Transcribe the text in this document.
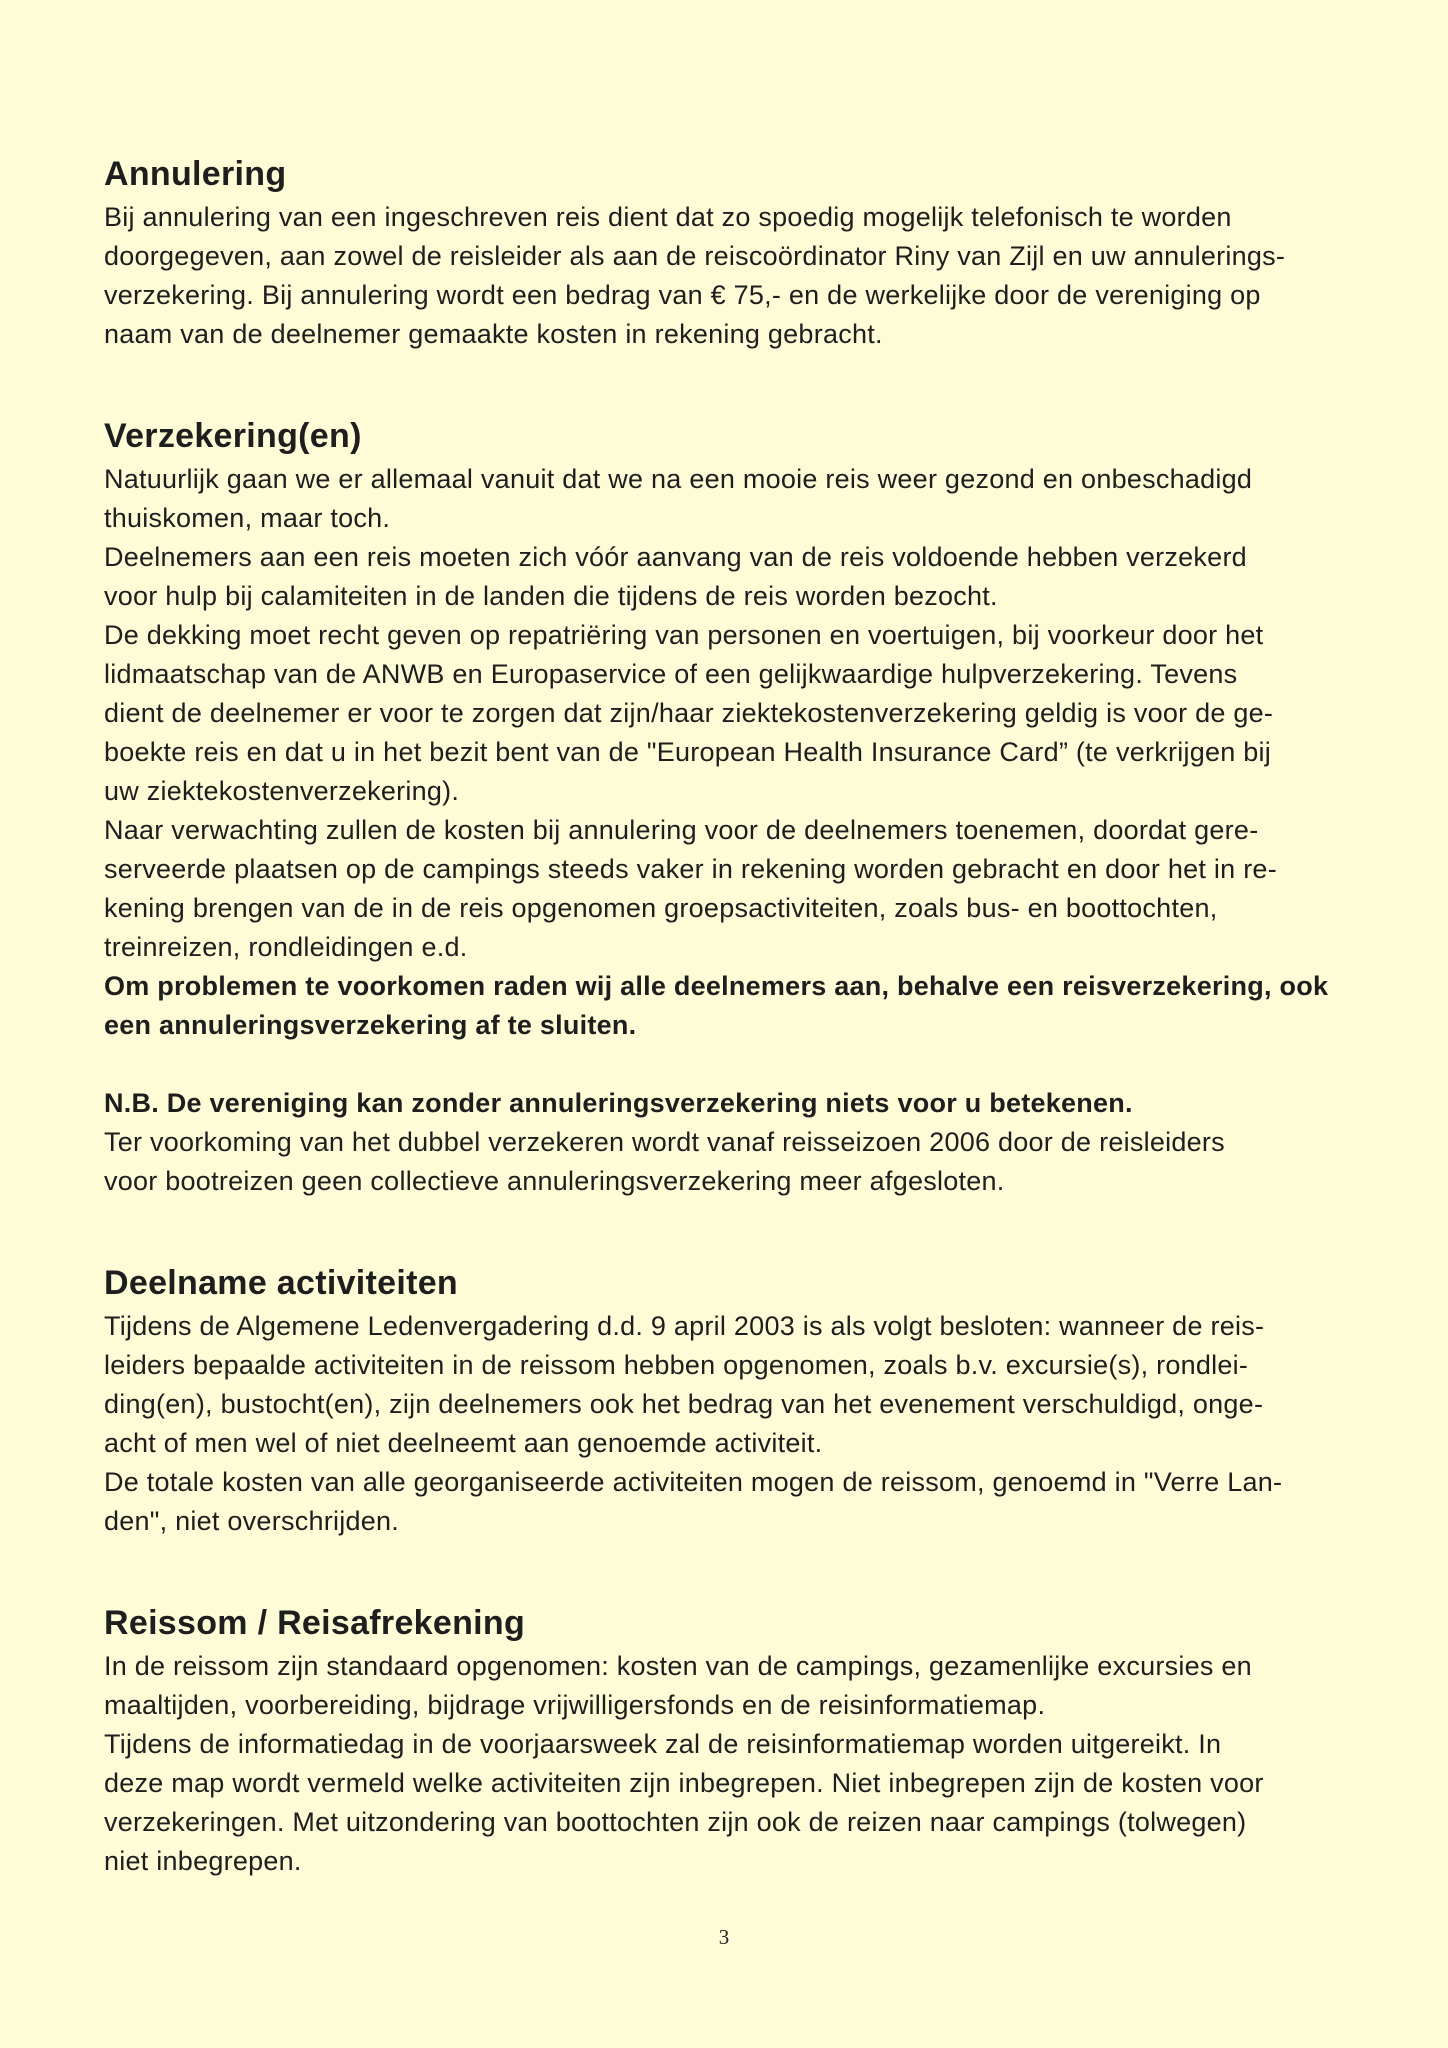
Annulering
Bij annulering van een ingeschreven reis dient dat zo spoedig mogelijk telefonisch te worden
doorgegeven, aan zowel de reisleider als aan de reiscoördinator Riny van Zijl en uw annulerings-
verzekering. Bij annulering wordt een bedrag van € 75,- en de werkelijke door de vereniging op
naam van de deelnemer gemaakte kosten in rekening gebracht.
Verzekering(en)
Natuurlijk gaan we er allemaal vanuit dat we na een mooie reis weer gezond en onbeschadigd
thuiskomen, maar toch.
Deelnemers aan een reis moeten zich vóór aanvang van de reis voldoende hebben verzekerd
voor hulp bij calamiteiten in de landen die tijdens de reis worden bezocht.
De dekking moet recht geven op repatriëring van personen en voertuigen, bij voorkeur door het
lidmaatschap van de ANWB en Europaservice of een gelijkwaardige hulpverzekering. Tevens
dient de deelnemer er voor te zorgen dat zijn/haar ziektekostenverzekering geldig is voor de ge-
boekte reis en dat u in het bezit bent van de "European Health Insurance Card” (te verkrijgen bij
uw ziektekostenverzekering).
Naar verwachting zullen de kosten bij annulering voor de deelnemers toenemen, doordat gere-
serveerde plaatsen op de campings steeds vaker in rekening worden gebracht en door het in re-
kening brengen van de in de reis opgenomen groepsactiviteiten, zoals bus- en boottochten,
treinreizen, rondleidingen e.d.
Om problemen te voorkomen raden wij alle deelnemers aan, behalve een reisverzekering, ook
een annuleringsverzekering af te sluiten.
N.B. De vereniging kan zonder annuleringsverzekering niets voor u betekenen.
Ter voorkoming van het dubbel verzekeren wordt vanaf reisseizoen 2006 door de reisleiders
voor bootreizen geen collectieve annuleringsverzekering meer afgesloten.
Deelname activiteiten
Tijdens de Algemene Ledenvergadering d.d. 9 april 2003 is als volgt besloten: wanneer de reis-
leiders bepaalde activiteiten in de reissom hebben opgenomen, zoals b.v. excursie(s), rondlei-
ding(en), bustocht(en), zijn deelnemers ook het bedrag van het evenement verschuldigd, onge-
acht of men wel of niet deelneemt aan genoemde activiteit.
De totale kosten van alle georganiseerde activiteiten mogen de reissom, genoemd in "Verre Lan-
den", niet overschrijden.
Reissom / Reisafrekening
In de reissom zijn standaard opgenomen: kosten van de campings, gezamenlijke excursies en
maaltijden, voorbereiding, bijdrage vrijwilligersfonds en de reisinformatiemap.
Tijdens de informatiedag in de voorjaarsweek zal de reisinformatiemap worden uitgereikt. In
deze map wordt vermeld welke activiteiten zijn inbegrepen. Niet inbegrepen zijn de kosten voor
verzekeringen. Met uitzondering van boottochten zijn ook de reizen naar campings (tolwegen)
niet inbegrepen.
3
